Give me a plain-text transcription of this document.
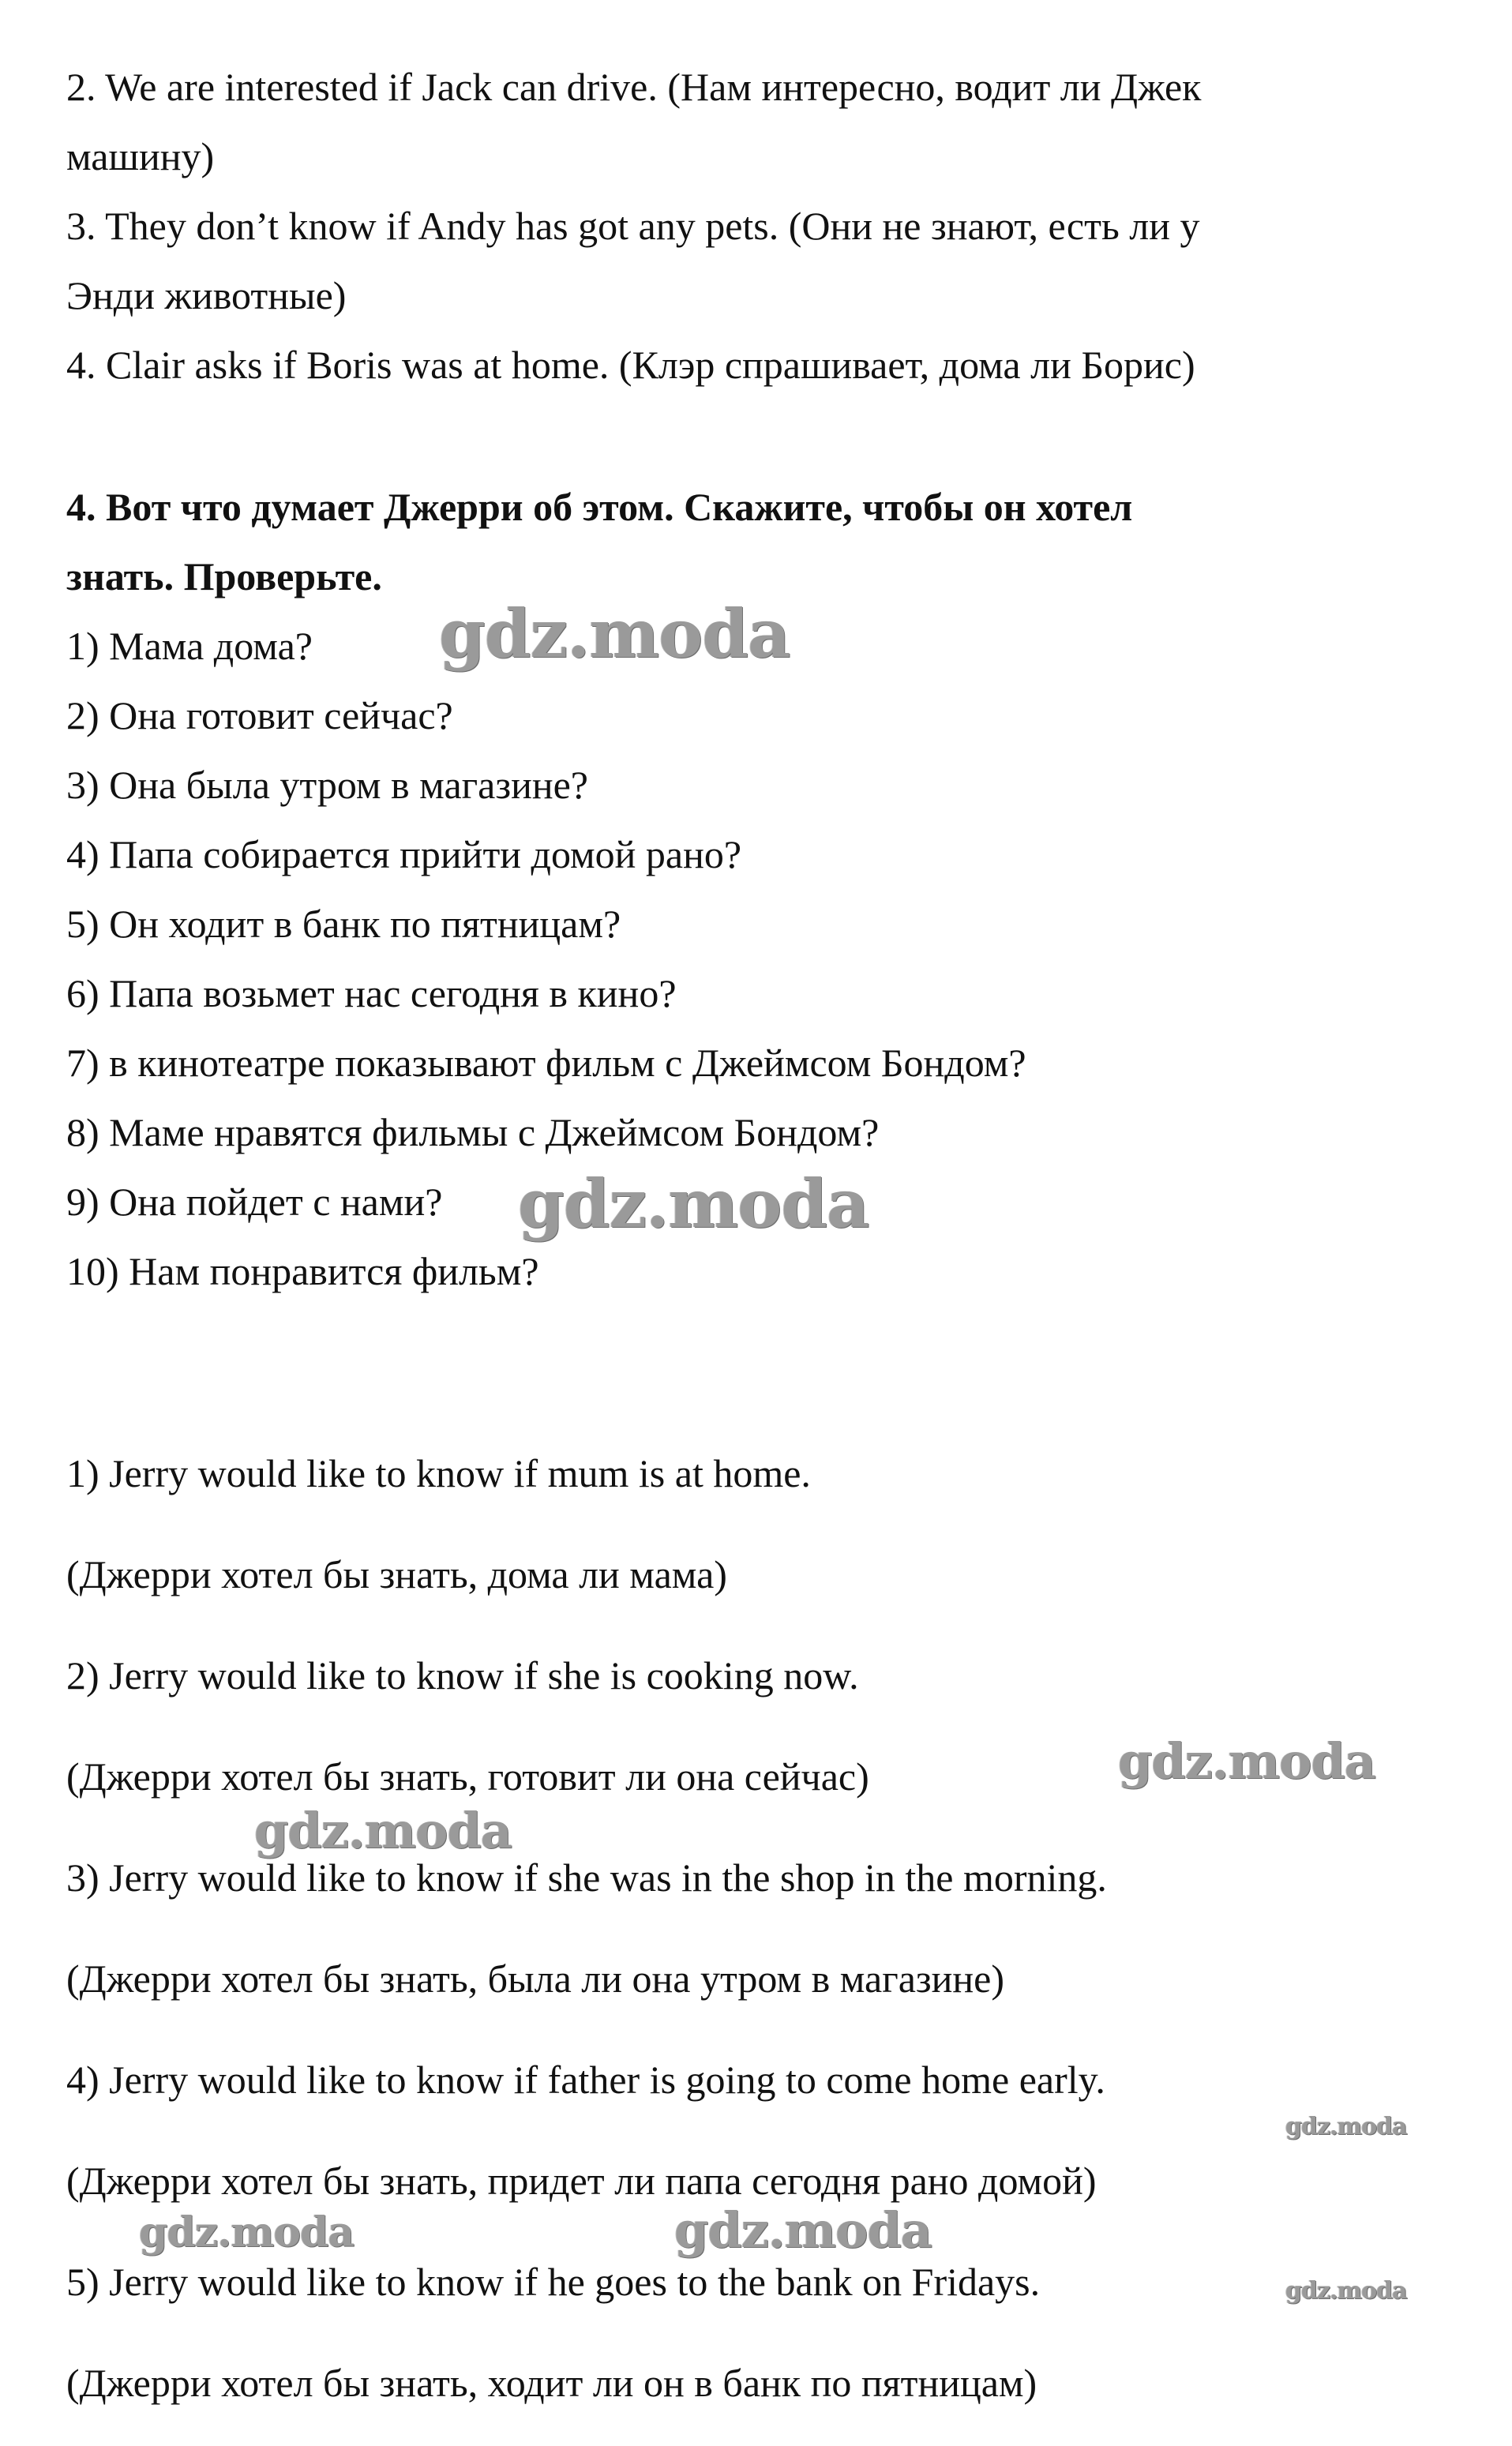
2. We are interested if Jack can drive. (Нам интересно, водит ли Джек
машину)
3. They don’t know if Andy has got any pets. (Они не знают, есть ли у
Энди животные)
4. Clair asks if Boris was at home. (Клэр спрашивает, дома ли Борис)
4. Вот что думает Джерри об этом. Скажите, чтобы он хотел
знать. Проверьте.
1) Мама дома?
2) Она готовит сейчас?
3) Она была утром в магазине?
4) Папа собирается прийти домой рано?
5) Он ходит в банк по пятницам?
6) Папа возьмет нас сегодня в кино?
7) в кинотеатре показывают фильм с Джеймсом Бондом?
8) Маме нравятся фильмы с Джеймсом Бондом?
9) Она пойдет с нами?
10) Нам понравится фильм?
1) Jerry would like to know if mum is at home.
(Джерри хотел бы знать, дома ли мама)
2) Jerry would like to know if she is cooking now.
(Джерри хотел бы знать, готовит ли она сейчас)
3) Jerry would like to know if she was in the shop in the morning.
(Джерри хотел бы знать, была ли она утром в магазине)
4) Jerry would like to know if father is going to come home early.
(Джерри хотел бы знать, придет ли папа сегодня рано домой)
5) Jerry would like to know if he goes to the bank on Fridays.
(Джерри хотел бы знать, ходит ли он в банк по пятницам)
gdz.moda
gdz.moda
gdz.moda
gdz.moda
gdz.moda
gdz.moda	gdz.moda
gdz.moda
